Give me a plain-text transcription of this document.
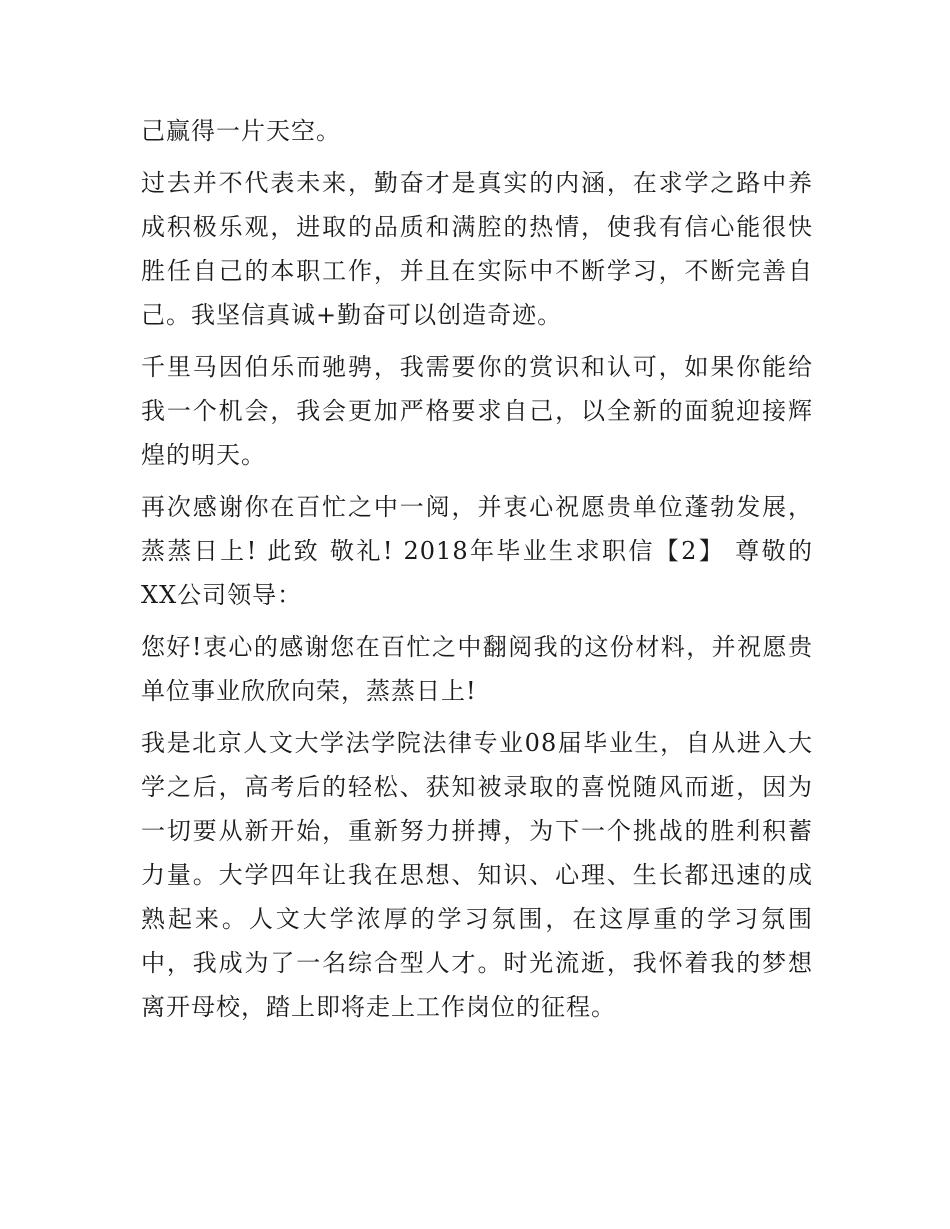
己赢得一片天空。

过去并不代表未来，勤奋才是真实的内涵，在求学之路中养成积极乐观，进取的品质和满腔的热情，使我有信心能很快胜任自己的本职工作，并且在实际中不断学习，不断完善自己。我坚信真诚+勤奋可以创造奇迹。

千里马因伯乐而驰骋，我需要你的赏识和认可，如果你能给我一个机会，我会更加严格要求自己，以全新的面貌迎接辉煌的明天。

再次感谢你在百忙之中一阅，并衷心祝愿贵单位蓬勃发展，蒸蒸日上! 此致 敬礼! 2018年毕业生求职信【2】 尊敬的XX公司领导：

您好!衷心的感谢您在百忙之中翻阅我的这份材料，并祝愿贵单位事业欣欣向荣，蒸蒸日上!

我是北京人文大学法学院法律专业08届毕业生，自从进入大学之后，高考后的轻松、获知被录取的喜悦随风而逝，因为一切要从新开始，重新努力拼搏，为下一个挑战的胜利积蓄力量。大学四年让我在思想、知识、心理、生长都迅速的成熟起来。人文大学浓厚的学习氛围，在这厚重的学习氛围中，我成为了一名综合型人才。时光流逝，我怀着我的梦想离开母校，踏上即将走上工作岗位的征程。
